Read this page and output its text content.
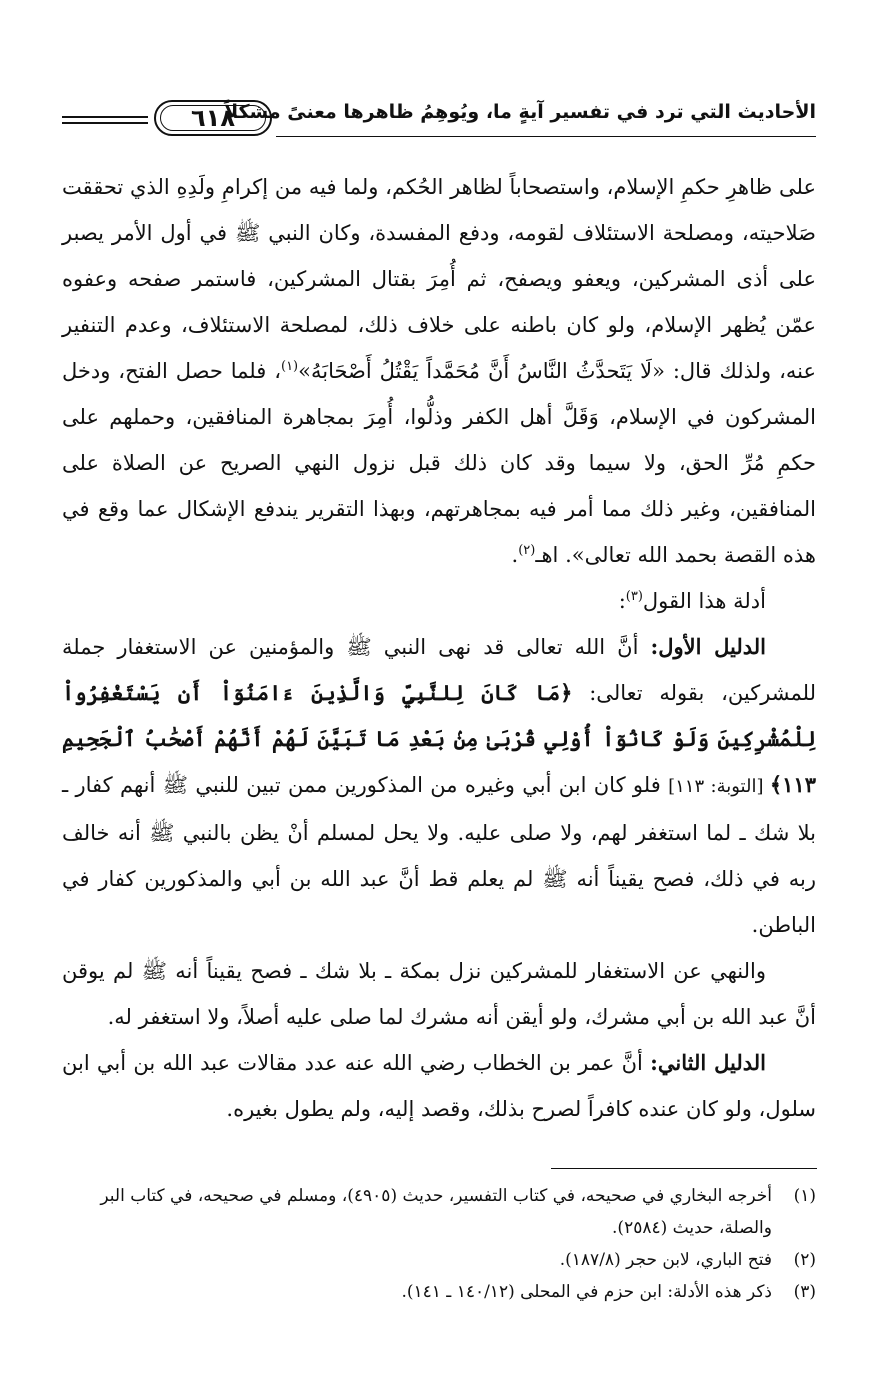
٦١٨
الأحاديث التي ترد في تفسير آيةٍ ما، ويُوهِمُ ظاهرها معنىً مشكلاً

على ظاهرِ حكمِ الإسلام، واستصحاباً لظاهر الحُكم، ولما فيه من إكرامِ ولَدِهِ الذي تحققت صَلاحيته، ومصلحة الاستئلاف لقومه، ودفع المفسدة، وكان النبي ﷺ في أول الأمر يصبر على أذى المشركين، ويعفو ويصفح، ثم أُمِرَ بقتال المشركين، فاستمر صفحه وعفوه عمّن يُظهر الإسلام، ولو كان باطنه على خلاف ذلك، لمصلحة الاستئلاف، وعدم التنفير عنه، ولذلك قال: «لَا يَتَحدَّثُ النَّاسُ أَنَّ مُحَمَّداً يَقْتُلُ أَصْحَابَهُ»$^{(١)}$، فلما حصل الفتح، ودخل المشركون في الإسلام، وَقَلَّ أهل الكفر وذلُّوا، أُمِرَ بمجاهرة المنافقين، وحملهم على حكمِ مُرِّ الحق، ولا سيما وقد كان ذلك قبل نزول النهي الصريح عن الصلاة على المنافقين، وغير ذلك مما أمر فيه بمجاهرتهم، وبهذا التقرير يندفع الإشكال عما وقع في هذه القصة بحمد الله تعالى». اهـ$^{(٢)}$.

أدلة هذا القول$^{(٣)}$:

الدليل الأول: أنَّ الله تعالى قد نهى النبي ﷺ والمؤمنين عن الاستغفار جملة للمشركين، بقوله تعالى: ﴿مَا كَانَ لِلنَّبِيِّ وَالَّذِينَ ءَامَنُوٓاْ أَن يَسْتَغْفِرُواْ لِلْمُشْرِكِينَ وَلَوْ كَانُوٓاْ أُوْلِي قُرْبَىٰ مِنۢ بَعْدِ مَا تَبَيَّنَ لَهُمْ أَنَّهُمْ أَصْحَٰبُ ٱلْجَحِيمِ ١١٣﴾ [التوبة: ١١٣] فلو كان ابن أبي وغيره من المذكورين ممن تبين للنبي ﷺ أنهم كفار ـ بلا شك ـ لما استغفر لهم، ولا صلى عليه. ولا يحل لمسلم أنْ يظن بالنبي ﷺ أنه خالف ربه في ذلك، فصح يقيناً أنه ﷺ لم يعلم قط أنَّ عبد الله بن أبي والمذكورين كفار في الباطن.

والنهي عن الاستغفار للمشركين نزل بمكة ـ بلا شك ـ فصح يقيناً أنه ﷺ لم يوقن أنَّ عبد الله بن أبي مشرك، ولو أيقن أنه مشرك لما صلى عليه أصلاً، ولا استغفر له.

الدليل الثاني: أنَّ عمر بن الخطاب رضي الله عنه عدد مقالات عبد الله بن أبي ابن سلول، ولو كان عنده كافراً لصرح بذلك، وقصد إليه، ولم يطول بغيره.

(١)
أخرجه البخاري في صحيحه، في كتاب التفسير، حديث (٤٩٠٥)، ومسلم في صحيحه، في كتاب البر والصلة، حديث (٢٥٨٤).
(٢)
فتح الباري، لابن حجر (١٨٧/٨).
(٣)
ذكر هذه الأدلة: ابن حزم في المحلى (١٤٠/١٢ ـ ١٤١).
